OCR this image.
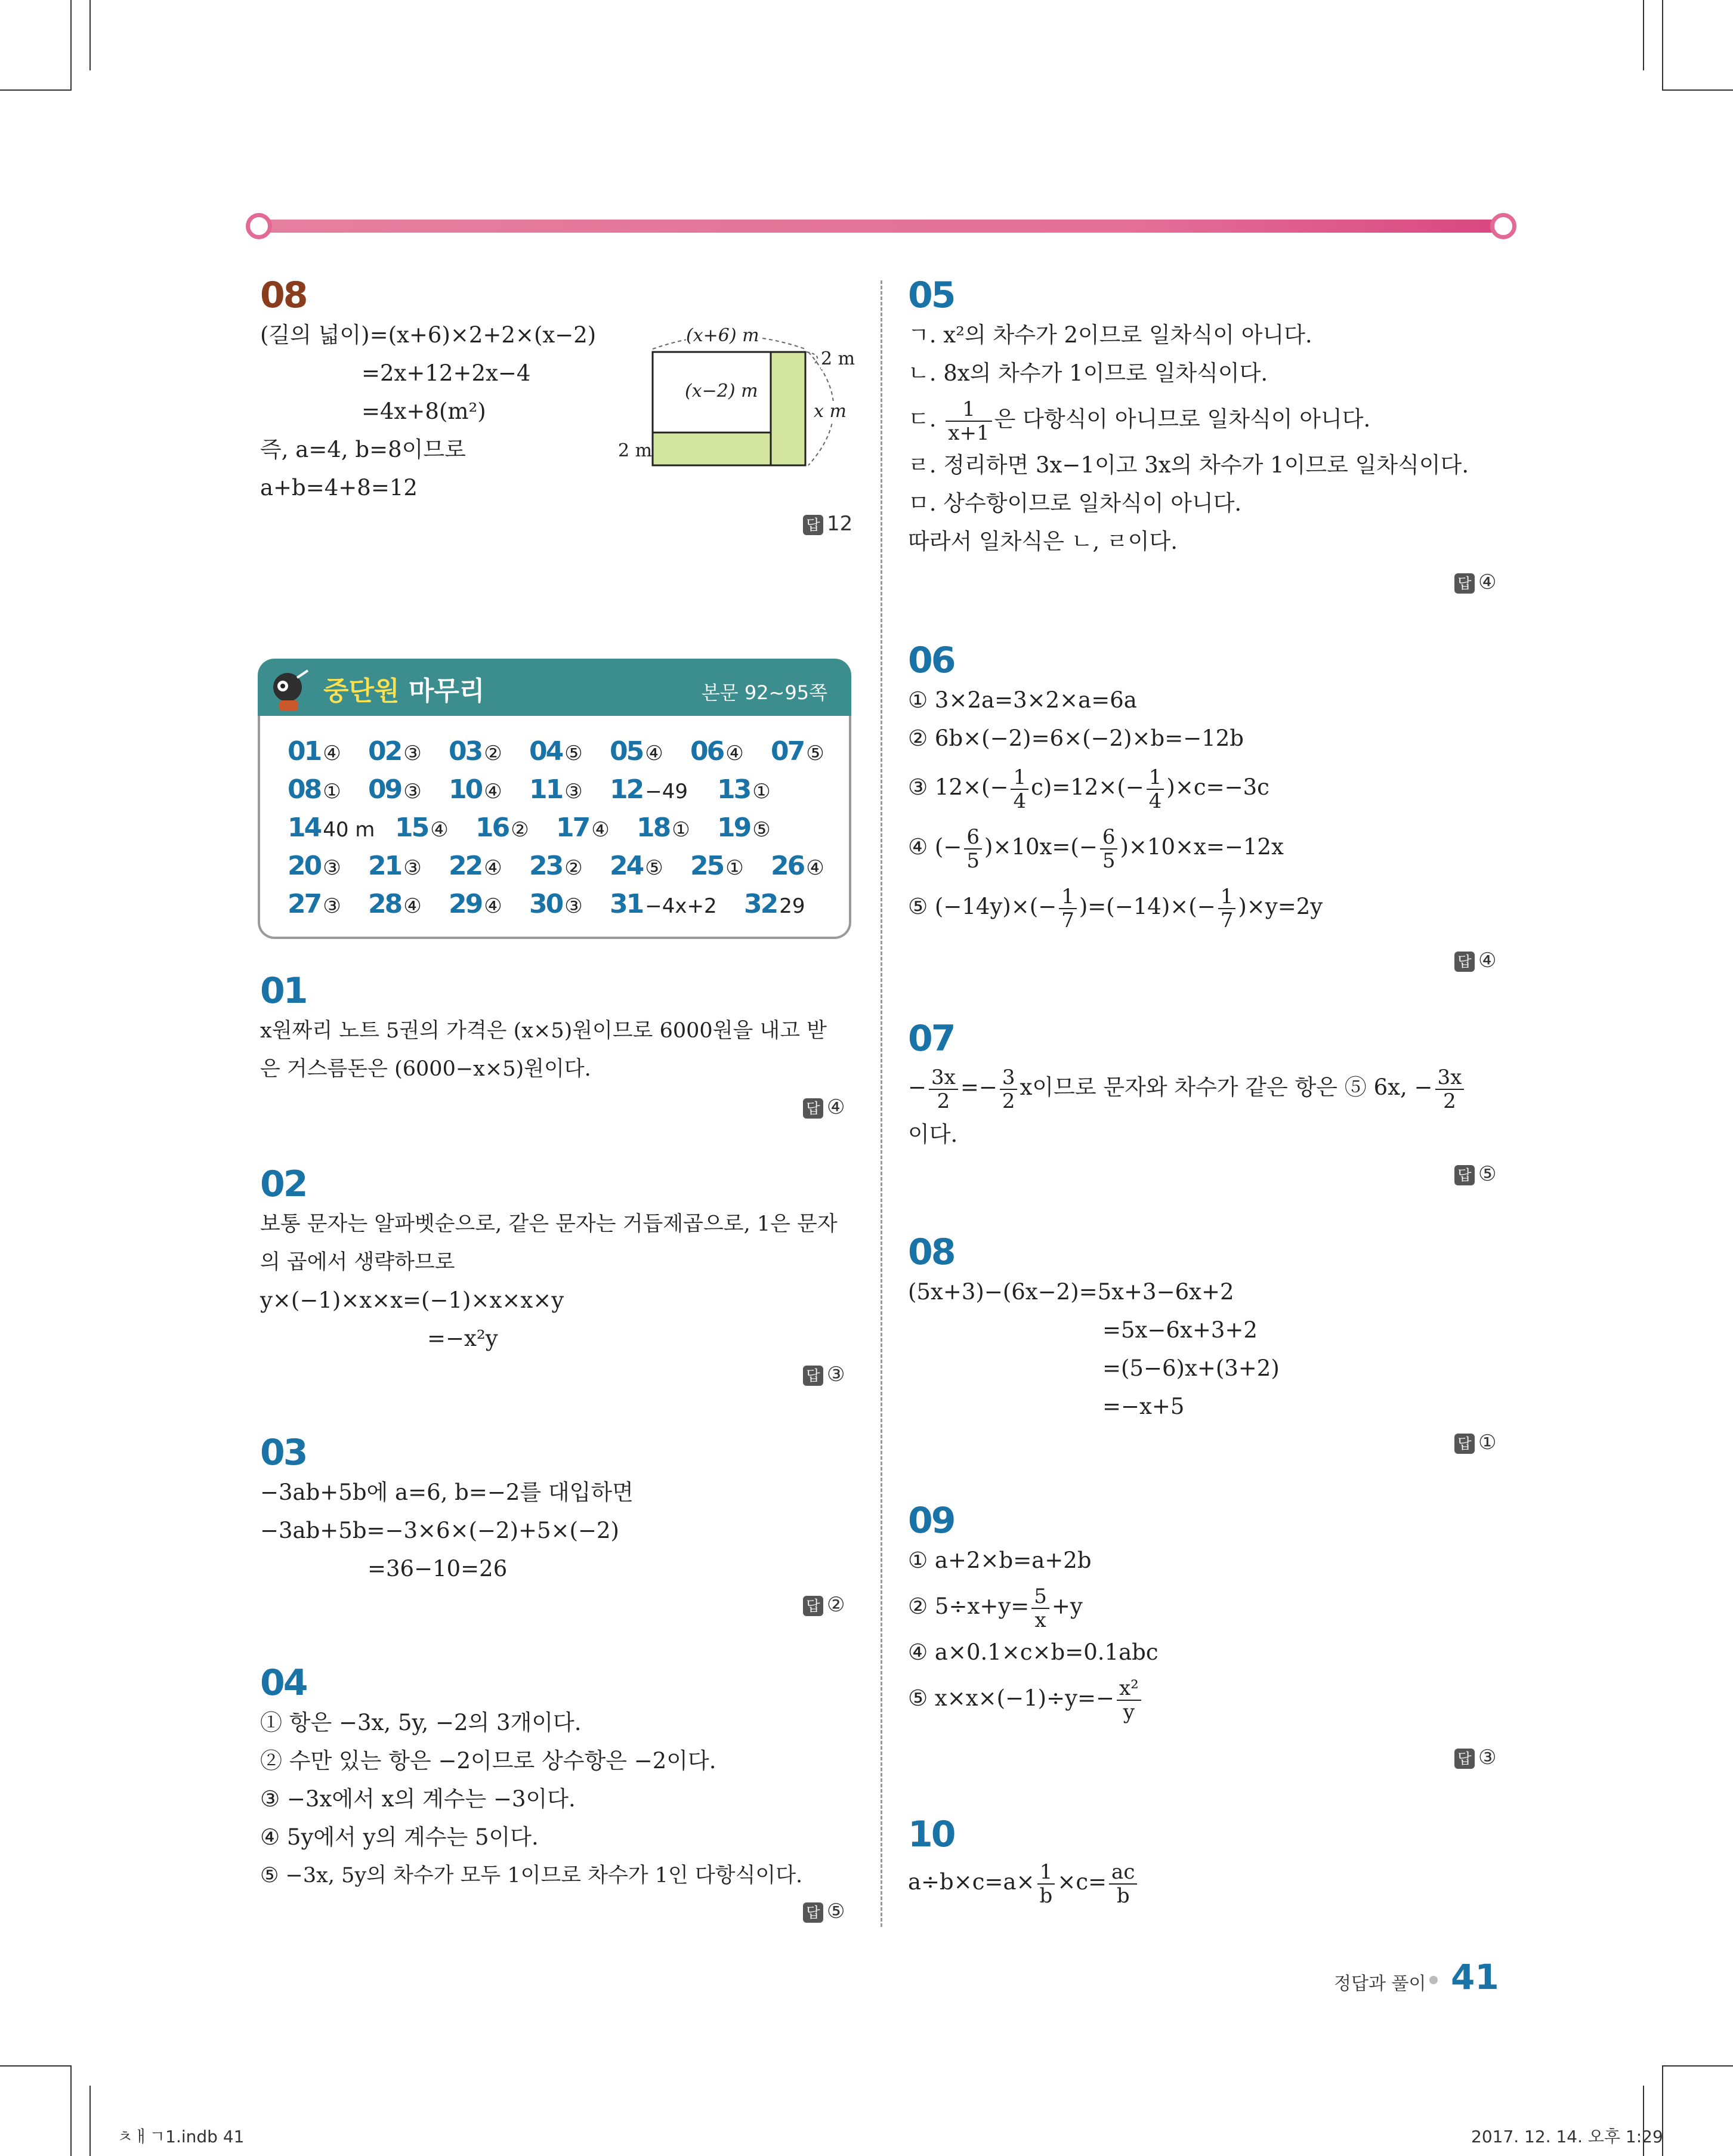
08
(길의 넓이)=(x+6)×2+2×(x−2)
=2x+12+2x−4
=4x+8(m²)
즉, a=4, b=8이므로
a+b=4+8=12
(x+6) m
(x−2) m
2 m
x m
2 m
답 12
중단원 마무리	본문 92~95쪽
01 ④ 02 ③ 03 ② 04 ⑤ 05 ④ 06 ④ 07 ⑤
08 ① 09 ③ 10 ④ 11 ③ 12 −49 13 ①
14 40 m 15 ④ 16 ② 17 ④ 18 ① 19 ⑤
20 ③ 21 ③ 22 ④ 23 ② 24 ⑤ 25 ① 26 ④
27 ③ 28 ④ 29 ④ 30 ③ 31 −4x+2 32 29
01
x원짜리 노트 5권의 가격은 (x×5)원이므로 6000원을 내고 받
은 거스름돈은 (6000−x×5)원이다.
답 ④
02
보통 문자는 알파벳순으로, 같은 문자는 거듭제곱으로, 1은 문자
의 곱에서 생략하므로
y×(−1)×x×x=(−1)×x×x×y
=−x²y
답 ③
03
−3ab+5b에 a=6, b=−2를 대입하면
−3ab+5b=−3×6×(−2)+5×(−2)
=36−10=26
답 ②
04
① 항은 −3x, 5y, −2의 3개이다.
② 수만 있는 항은 −2이므로 상수항은 −2이다.
③ −3x에서 x의 계수는 −3이다.
④ 5y에서 y의 계수는 5이다.
⑤ −3x, 5y의 차수가 모두 1이므로 차수가 1인 다항식이다.
답 ⑤
05
ㄱ. x²의 차수가 2이므로 일차식이 아니다.
ㄴ. 8x의 차수가 1이므로 일차식이다.
ㄷ. $\frac{1}{x+1}$ 은 다항식이 아니므로 일차식이 아니다.
ㄹ. 정리하면 3x−1이고 3x의 차수가 1이므로 일차식이다.
ㅁ. 상수항이므로 일차식이 아니다.
따라서 일차식은 ㄴ, ㄹ이다.
답 ④
06
① 3×2a=3×2×a=6a
② 6b×(−2)=6×(−2)×b=−12b
③ $12\times(- \frac{1}{4} c)=12\times(- \frac{1}{4} )\times c=-3c$
④ (− $\frac{6}{5} )\times 10x=(- \frac{6}{5} )\times 10\times x=-12x$
⑤ $(-14y)\times(- \frac{1}{7} )=(-14)\times(- \frac{1}{7} )\times y=2y$
답 ④
07
− $\frac{3x}{2} =- \frac{3}{2}$ x이므로 문자와 차수가 같은 항은 ⑤ 6x, − $\frac{3x}{2}$
이다.
답 ⑤
08
(5x+3)−(6x−2)=5x+3−6x+2
=5x−6x+3+2
=(5−6)x+(3+2)
=−x+5
답 ①
09
① a+2×b=a+2b
② $5\div x+y= \frac{5}{x} +y$
④ a×0.1×c×b=0.1abc
⑤ $x\times x\times(-1)\div y=- \frac{\text{x²}}{y}$
답 ③
10
$a\div b\times c=a\times \frac{1}{b} \times c= \frac{ac}{b}$
정답과 풀이 41
ㅊㅐㄱ1.indb 41	2017. 12. 14. 오후 1:29
